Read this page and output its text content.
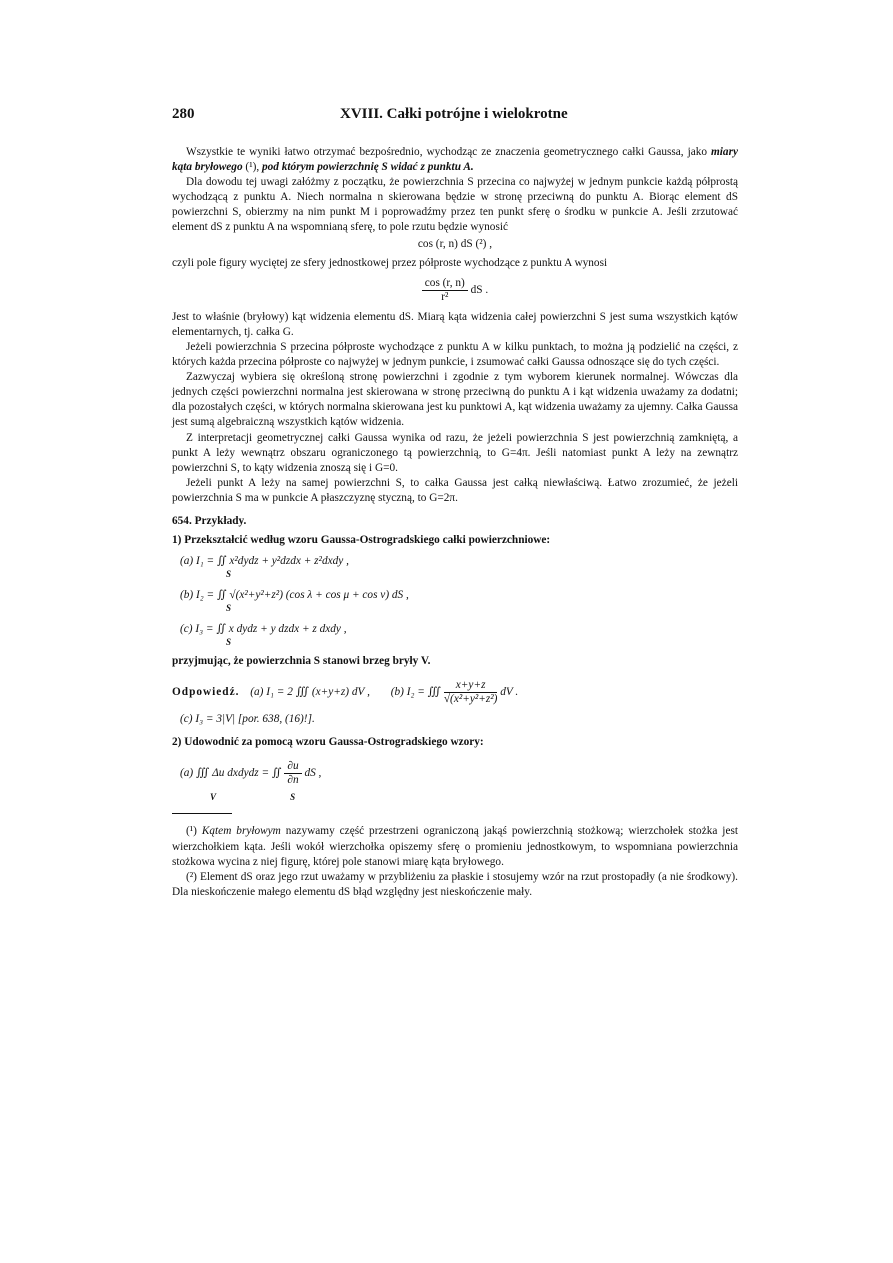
280	XVIII. Całki potrójne i wielokrotne

Wszystkie te wyniki łatwo otrzymać bezpośrednio, wychodząc ze znaczenia geometrycznego całki Gaussa, jako miary kąta bryłowego (¹), pod którym powierzchnię S widać z punktu A.

Dla dowodu tej uwagi załóżmy z początku, że powierzchnia S przecina co najwyżej w jednym punkcie każdą półprostą wychodzącą z punktu A. Niech normalna n skierowana będzie w stronę przeciwną do punktu A. Biorąc element dS powierzchni S, obierzmy na nim punkt M i poprowadźmy przez ten punkt sferę o środku w punkcie A. Jeśli zrzutować element dS z punktu A na wspomnianą sferę, to pole rzutu będzie wynosić

cos (r, n) dS (²) ,

czyli pole figury wyciętej ze sfery jednostkowej przez półproste wychodzące z punktu A wynosi

$\frac{\cos (r, n)}{\text{r²}}$ dS .

Jest to właśnie (bryłowy) kąt widzenia elementu dS. Miarą kąta widzenia całej powierzchni S jest suma wszystkich kątów elementarnych, tj. całka G.

Jeżeli powierzchnia S przecina półproste wychodzące z punktu A w kilku punktach, to można ją podzielić na części, z których każda przecina półproste co najwyżej w jednym punkcie, i zsumować całki Gaussa odnoszące się do tych części.

Zazwyczaj wybiera się określoną stronę powierzchni i zgodnie z tym wyborem kierunek normalnej. Wówczas dla jednych części powierzchni normalna jest skierowana w stronę przeciwną do punktu A i kąt widzenia uważamy za dodatni; dla pozostałych części, w których normalna skierowana jest ku punktowi A, kąt widzenia uważamy za ujemny. Całka Gaussa jest sumą algebraiczną wszystkich kątów widzenia.

Z interpretacji geometrycznej całki Gaussa wynika od razu, że jeżeli powierzchnia S jest powierzchnią zamkniętą, a punkt A leży wewnątrz obszaru ograniczonego tą powierzchnią, to G=4π. Jeśli natomiast punkt A leży na zewnątrz powierzchni S, to kąty widzenia znoszą się i G=0.

Jeżeli punkt A leży na samej powierzchni S, to całka Gaussa jest całką niewłaściwą. Łatwo zrozumieć, że jeżeli powierzchnia S ma w punkcie A płaszczyznę styczną, to G=2π.

654. Przykłady.
1) Przekształcić według wzoru Gaussa-Ostrogradskiego całki powierzchniowe:
(a) I₁ = ∬ x²dydz + y²dzdx + z²dxdy ,
S
(b) I₂ = ∬ √(x²+y²+z²) (cos λ + cos μ + cos ν) dS ,
S
(c) I₃ = ∬ x dydz + y dzdx + z dxdy ,
S
przyjmując, że powierzchnia S stanowi brzeg bryły V.
Odpowiedź. (a) I₁ = 2 ∭ (x+y+z) dV , (b) I₂ = ∭ $\frac{x+y+z}{\text{√(x²+y²+z²)}}$ dV .
(c) I₃ = 3|V| [por. 638, (16)!].
2) Udowodnić za pomocą wzoru Gaussa-Ostrogradskiego wzory:
(a) ∭ Δu dxdydz = ∬ $\frac{\partial u}{\partial n}$ dS ,
V                                 S

(¹) Kątem bryłowym nazywamy część przestrzeni ograniczoną jakąś powierzchnią stożkową; wierzchołek stożka jest wierzchołkiem kąta. Jeśli wokół wierzchołka opiszemy sferę o promieniu jednostkowym, to wspomniana powierzchnia stożkowa wycina z niej figurę, której pole stanowi miarę kąta bryłowego.

(²) Element dS oraz jego rzut uważamy w przybliżeniu za płaskie i stosujemy wzór na rzut prostopadły (a nie środkowy). Dla nieskończenie małego elementu dS błąd względny jest nieskończenie mały.
